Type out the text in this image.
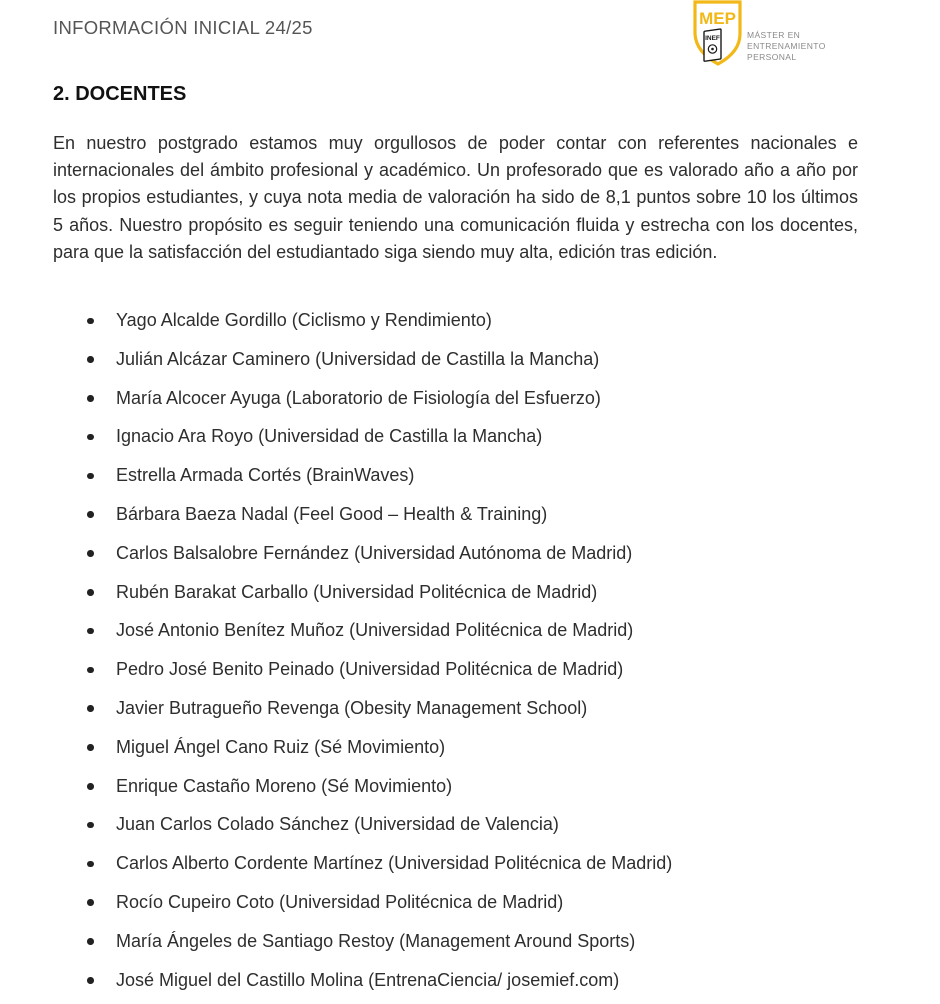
INFORMACIÓN INICIAL 24/25	MEP
INEF	MÁSTER EN
ENTRENAMIENTO
PERSONAL
2. DOCENTES

En nuestro postgrado estamos muy orgullosos de poder contar con referentes nacionales e internacionales del ámbito profesional y académico. Un profesorado que es valorado año a año por los propios estudiantes, y cuya nota media de valoración ha sido de 8,1 puntos sobre 10 los últimos 5 años. Nuestro propósito es seguir teniendo una comunicación fluida y estrecha con los docentes, para que la satisfacción del estudiantado siga siendo muy alta, edición tras edición.

Yago Alcalde Gordillo (Ciclismo y Rendimiento)
Julián Alcázar Caminero (Universidad de Castilla la Mancha)
María Alcocer Ayuga (Laboratorio de Fisiología del Esfuerzo)
Ignacio Ara Royo (Universidad de Castilla la Mancha)
Estrella Armada Cortés (BrainWaves)
Bárbara Baeza Nadal (Feel Good – Health & Training)
Carlos Balsalobre Fernández (Universidad Autónoma de Madrid)
Rubén Barakat Carballo (Universidad Politécnica de Madrid)
José Antonio Benítez Muñoz (Universidad Politécnica de Madrid)
Pedro José Benito Peinado (Universidad Politécnica de Madrid)
Javier Butragueño Revenga (Obesity Management School)
Miguel Ángel Cano Ruiz (Sé Movimiento)
Enrique Castaño Moreno (Sé Movimiento)
Juan Carlos Colado Sánchez (Universidad de Valencia)
Carlos Alberto Cordente Martínez (Universidad Politécnica de Madrid)
Rocío Cupeiro Coto (Universidad Politécnica de Madrid)
María Ángeles de Santiago Restoy (Management Around Sports)
José Miguel del Castillo Molina (EntrenaCiencia/ josemief.com)
